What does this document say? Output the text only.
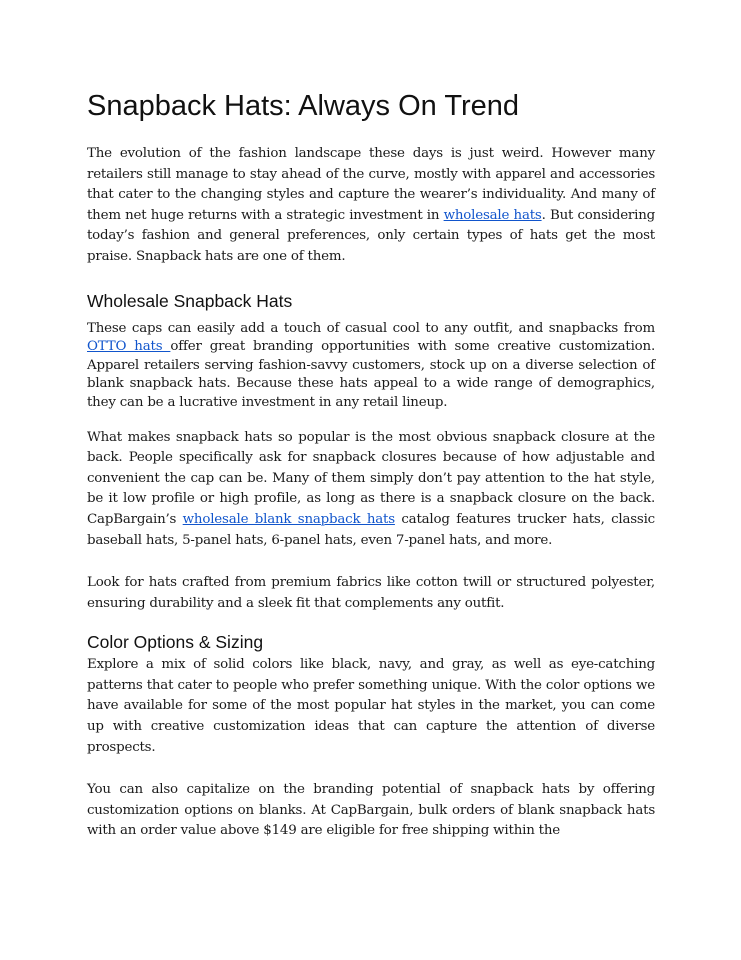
Snapback Hats: Always On Trend

The evolution of the fashion landscape these days is just weird. However many retailers still manage to stay ahead of the curve, mostly with apparel and accessories that cater to the changing styles and capture the wearer’s individuality. And many of them net huge returns with a strategic investment in wholesale hats. But considering today’s fashion and general preferences, only certain types of hats get the most praise. Snapback hats are one of them.

Wholesale Snapback Hats

These caps can easily add a touch of casual cool to any outfit, and snapbacks from OTTO hats offer great branding opportunities with some creative customization. Apparel retailers serving fashion-savvy customers, stock up on a diverse selection of blank snapback hats. Because these hats appeal to a wide range of demographics, they can be a lucrative investment in any retail lineup.

What makes snapback hats so popular is the most obvious snapback closure at the back. People specifically ask for snapback closures because of how adjustable and convenient the cap can be. Many of them simply don’t pay attention to the hat style, be it low profile or high profile, as long as there is a snapback closure on the back. CapBargain’s wholesale blank snapback hats catalog features trucker hats, classic baseball hats, 5-panel hats, 6-panel hats, even 7-panel hats, and more.

Look for hats crafted from premium fabrics like cotton twill or structured polyester, ensuring durability and a sleek fit that complements any outfit.

Color Options & Sizing

Explore a mix of solid colors like black, navy, and gray, as well as eye-catching patterns that cater to people who prefer something unique. With the color options we have available for some of the most popular hat styles in the market, you can come up with creative customization ideas that can capture the attention of diverse prospects.

You can also capitalize on the branding potential of snapback hats by offering customization options on blanks. At CapBargain, bulk orders of blank snapback hats with an order value above $149 are eligible for free shipping within the
